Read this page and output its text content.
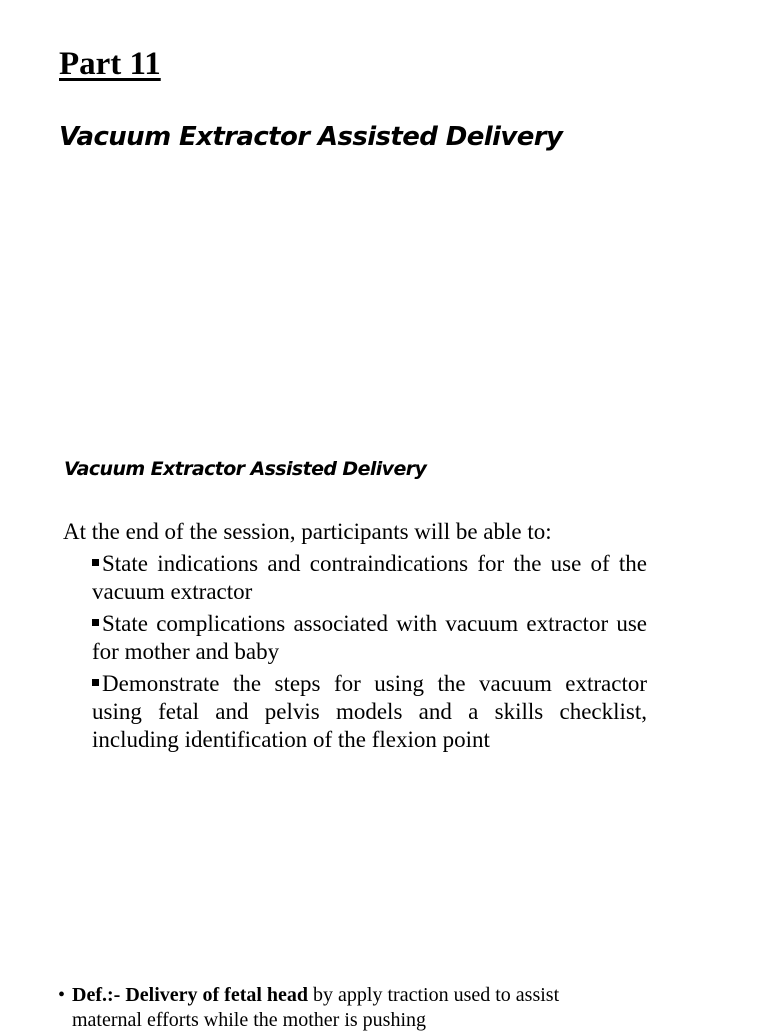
Part 11
Vacuum Extractor Assisted Delivery
Vacuum Extractor Assisted Delivery

At the end of the session, participants will be able to:

State indications and contraindications for the use of the vacuum extractor
State complications associated with vacuum extractor use for mother and baby
Demonstrate the steps for using the vacuum extractor using fetal and pelvis models and a skills checklist, including identification of the flexion point

• Def.:- Delivery of fetal head by apply traction used to assist
maternal efforts while the mother is pushing
